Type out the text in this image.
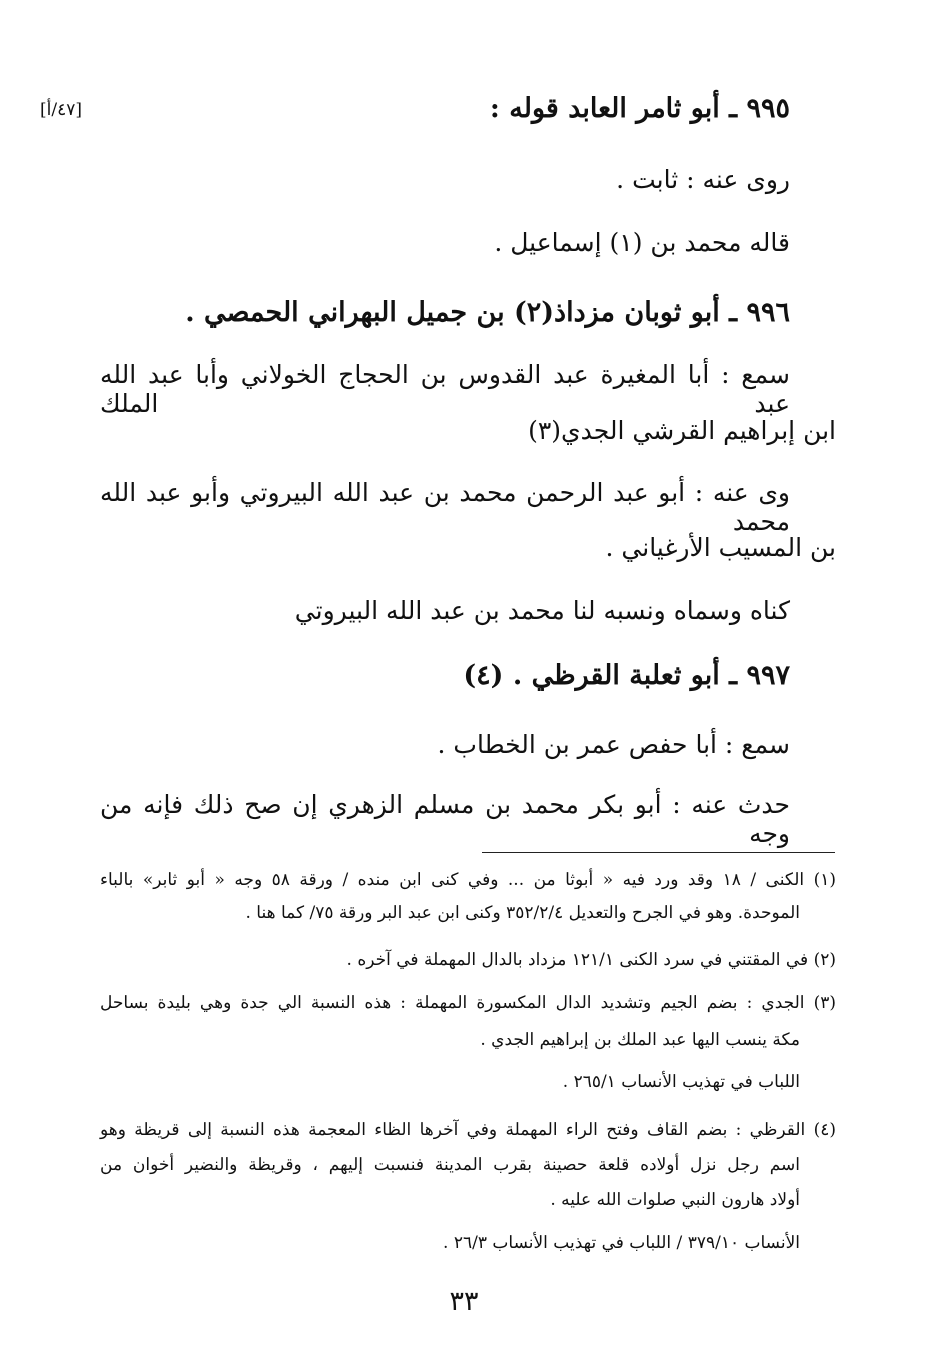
[٤٧/أ]	٩٩٥ ـ أبو ثامر العابد قوله :

روى عنه : ثابت .

قاله محمد بن (١) إسماعيل .

٩٩٦ ـ أبو ثوبان مزداذ(٢) بن جميل البهراني الحمصي .

سمع : أبا المغيرة عبد القدوس بن الحجاج الخولاني وأبا عبد الله عبد الملك

ابن إبراهيم القرشي الجدي(٣)

وى عنه : أبو عبد الرحمن محمد بن عبد الله البيروتي وأبو عبد الله محمد

بن المسيب الأرغياني .

كناه وسماه ونسبه لنا محمد بن عبد الله البيروتي

٩٩٧ ـ أبو ثعلبة القرظي . (٤)

سمع : أبا حفص عمر بن الخطاب .

حدث عنه : أبو بكر محمد بن مسلم الزهري إن صح ذلك فإنه من وجه

(١) الكنى / ١٨ وقد ورد فيه « أبوثا من ... وفي كنى ابن منده / ورقة ٥٨ وجه « أبو ثابر» بالباء

الموحدة. وهو في الجرح والتعديل ٣٥٢/٢/٤ وكنى ابن عبد البر ورقة ٧٥/ كما هنا .

(٢) في المقتني في سرد الكنى ١٢١/١ مزداد بالدال المهملة في آخره .

(٣) الجدي : بضم الجيم وتشديد الدال المكسورة المهملة : هذه النسبة الي جدة وهي بليدة بساحل

مكة ينسب اليها عبد الملك بن إبراهيم الجدي .

اللباب في تهذيب الأنساب ٢٦٥/١ .

(٤) القرظي : بضم القاف وفتح الراء المهملة وفي آخرها الظاء المعجمة هذه النسبة إلى قريظة وهو

اسم رجل نزل أولاده قلعة حصينة بقرب المدينة فنسبت إليهم ، وقريظة والنضير أخوان من

أولاد هارون النبي صلوات الله عليه .

الأنساب ٣٧٩/١٠ / اللباب في تهذيب الأنساب ٢٦/٣ .

٣٣
